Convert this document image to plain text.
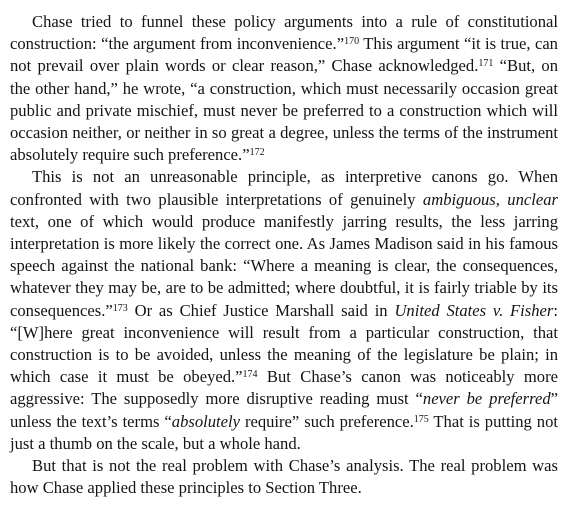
Chase tried to funnel these policy arguments into a rule of constitutional construction: “the argument from inconvenience.”$^{170}$ This argument “it is true, can not prevail over plain words or clear reason,” Chase acknowledged.$^{171}$ “But, on the other hand,” he wrote, “a construction, which must necessarily occasion great public and private mischief, must never be preferred to a construction which will occasion neither, or neither in so great a degree, unless the terms of the instrument absolutely require such preference.”$^{172}$

This is not an unreasonable principle, as interpretive canons go. When confronted with two plausible interpretations of genuinely ambiguous, unclear text, one of which would produce manifestly jarring results, the less jarring interpretation is more likely the correct one. As James Madison said in his famous speech against the national bank: “Where a meaning is clear, the consequences, whatever they may be, are to be admitted; where doubtful, it is fairly triable by its consequences.”$^{173}$ Or as Chief Justice Marshall said in United States v. Fisher: “[W]here great inconvenience will result from a particular construction, that construction is to be avoided, unless the meaning of the legislature be plain; in which case it must be obeyed.”$^{174}$ But Chase’s canon was noticeably more aggressive: The supposedly more disruptive reading must “never be preferred” unless the text’s terms “absolutely require” such preference.$^{175}$ That is putting not just a thumb on the scale, but a whole hand.

But that is not the real problem with Chase’s analysis. The real problem was how Chase applied these principles to Section Three.
